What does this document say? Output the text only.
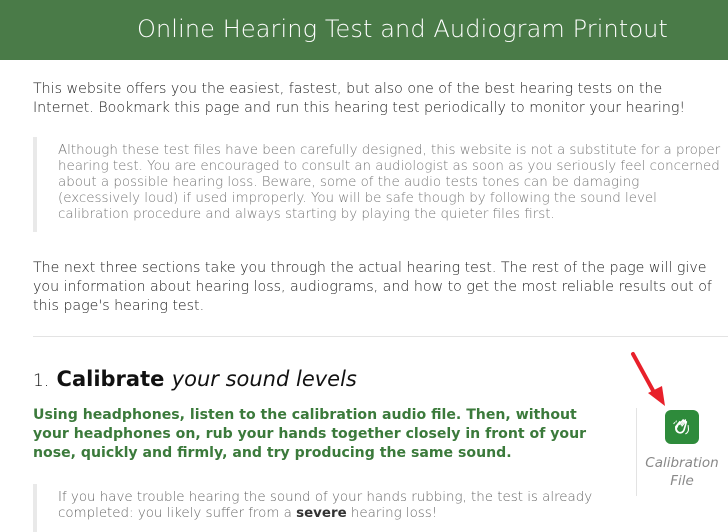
Online Hearing Test and Audiogram Printout

This website offers you the easiest, fastest, but also one of the best hearing tests on the Internet. Bookmark this page and run this hearing test periodically to monitor your hearing!

Although these test files have been carefully designed, this website is not a substitute for a proper hearing test. You are encouraged to consult an audiologist as soon as you seriously feel concerned about a possible hearing loss. Beware, some of the audio tests tones can be damaging (excessively loud) if used improperly. You will be safe though by following the sound level calibration procedure and always starting by playing the quieter files first.

The next three sections take you through the actual hearing test. The rest of the page will give you information about hearing loss, audiograms, and how to get the most reliable results out of this page's hearing test.

1. Calibrate your sound levels

Using headphones, listen to the calibration audio file. Then, without your headphones on, rub your hands together closely in front of your nose, quickly and firmly, and try producing the same sound.

Calibration
File
If you have trouble hearing the sound of your hands rubbing, the test is already completed: you likely suffer from a severe hearing loss!
